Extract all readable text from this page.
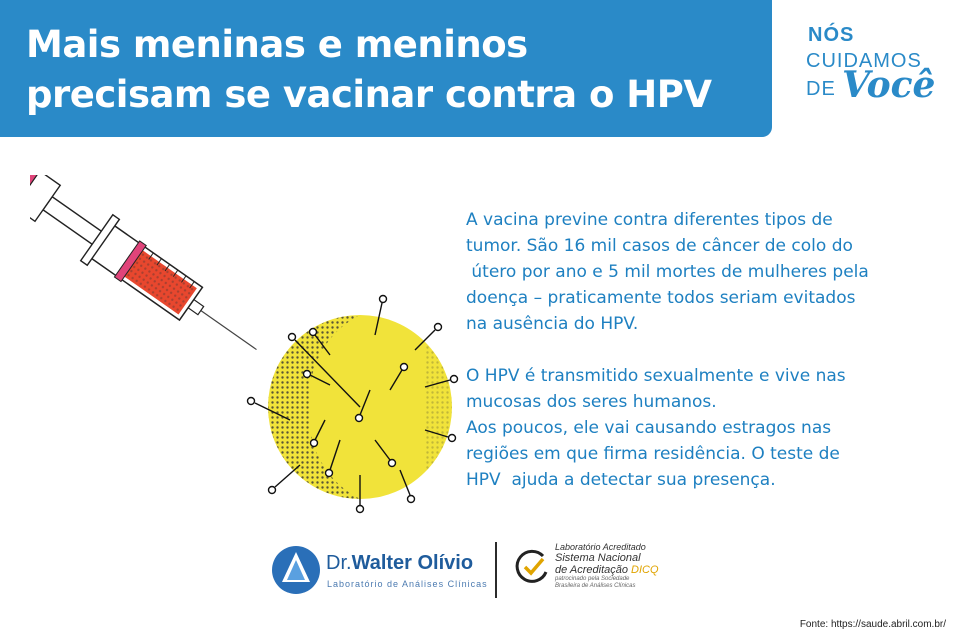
Mais meninas e meninos
precisam se vacinar contra o HPV
NÓS
CUIDAMOS
DE Você

A vacina previne contra diferentes tipos de
tumor. São 16 mil casos de câncer de colo do
útero por ano e 5 mil mortes de mulheres pela
doença – praticamente todos seriam evitados
na ausência do HPV.

O HPV é transmitido sexualmente e vive nas
mucosas dos seres humanos.
Aos poucos, ele vai causando estragos nas
regiões em que firma residência. O teste de
HPV  ajuda a detectar sua presença.

Dr.Walter Olívio
Laboratório de Análises Clínicas
Laboratório Acreditado
Sistema Nacional
de Acreditação DICQ
patrocinado pela Sociedade
Brasileira de Análises Clínicas
Fonte: https://saude.abril.com.br/
